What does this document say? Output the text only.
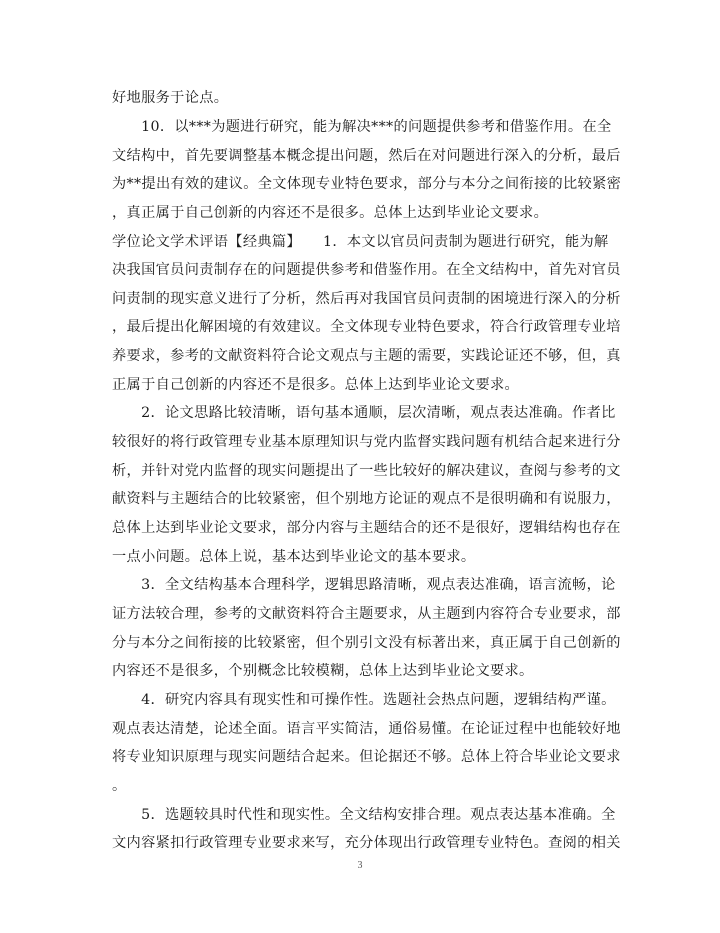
好地服务于论点。
　　10．以***为题进行研究，能为解决***的问题提供参考和借鉴作用。在全
文结构中，首先要调整基本概念提出问题，然后在对问题进行深入的分析，最后
为**提出有效的建议。全文体现专业特色要求，部分与本分之间衔接的比较紧密
，真正属于自己创新的内容还不是很多。总体上达到毕业论文要求。
学位论文学术评语【经典篇】　　1．本文以官员问责制为题进行研究，能为解
决我国官员问责制存在的问题提供参考和借鉴作用。在全文结构中，首先对官员
问责制的现实意义进行了分析，然后再对我国官员问责制的困境进行深入的分析
，最后提出化解困境的有效建议。全文体现专业特色要求，符合行政管理专业培
养要求，参考的文献资料符合论文观点与主题的需要，实践论证还不够，但，真
正属于自己创新的内容还不是很多。总体上达到毕业论文要求。
　　2．论文思路比较清晰，语句基本通顺，层次清晰，观点表达准确。作者比
较很好的将行政管理专业基本原理知识与党内监督实践问题有机结合起来进行分
析，并针对党内监督的现实问题提出了一些比较好的解决建议，查阅与参考的文
献资料与主题结合的比较紧密，但个别地方论证的观点不是很明确和有说服力，
总体上达到毕业论文要求，部分内容与主题结合的还不是很好，逻辑结构也存在
一点小问题。总体上说，基本达到毕业论文的基本要求。
　　3．全文结构基本合理科学，逻辑思路清晰，观点表达准确，语言流畅，论
证方法较合理，参考的文献资料符合主题要求，从主题到内容符合专业要求，部
分与本分之间衔接的比较紧密，但个别引文没有标著出来，真正属于自己创新的
内容还不是很多，个别概念比较模糊，总体上达到毕业论文要求。
　　4．研究内容具有现实性和可操作性。选题社会热点问题，逻辑结构严谨。
观点表达清楚，论述全面。语言平实简洁，通俗易懂。在论证过程中也能较好地
将专业知识原理与现实问题结合起来。但论据还不够。总体上符合毕业论文要求
。
　　5．选题较具时代性和现实性。全文结构安排合理。观点表达基本准确。全
文内容紧扣行政管理专业要求来写，充分体现出行政管理专业特色。查阅的相关
3
